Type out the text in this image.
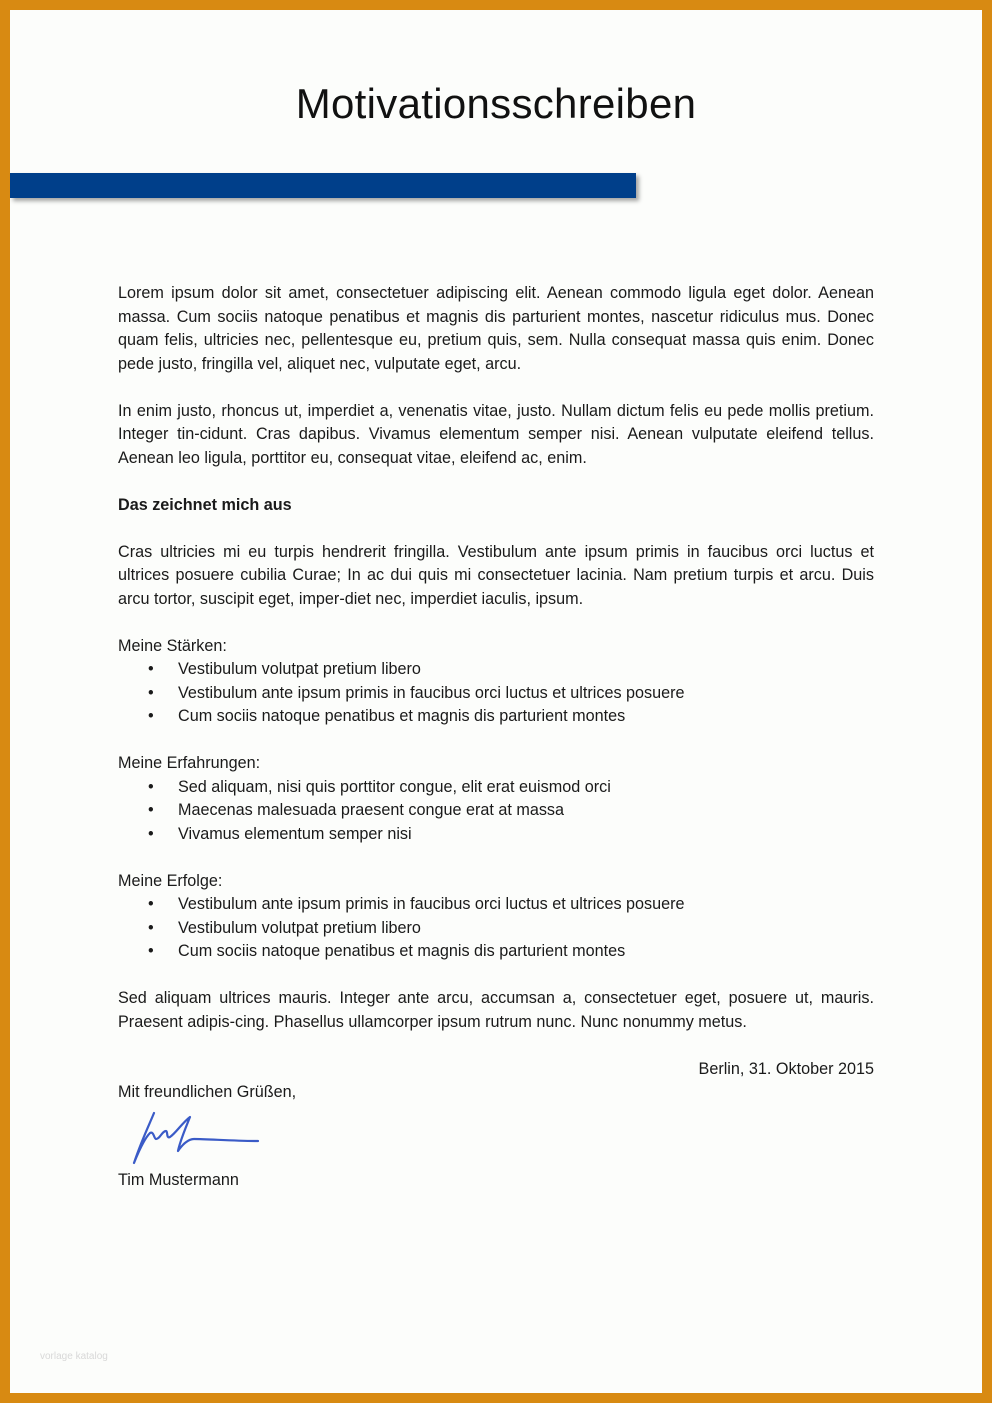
Motivationsschreiben

Lorem ipsum dolor sit amet, consectetuer adipiscing elit. Aenean commodo ligula eget dolor. Aenean massa. Cum sociis natoque penatibus et magnis dis parturient montes, nascetur ridiculus mus. Donec quam felis, ultricies nec, pellentesque eu, pretium quis, sem. Nulla consequat massa quis enim. Donec pede justo, fringilla vel, aliquet nec, vulputate eget, arcu.

In enim justo, rhoncus ut, imperdiet a, venenatis vitae, justo. Nullam dictum felis eu pede mollis pretium. Integer tin-cidunt. Cras dapibus. Vivamus elementum semper nisi. Aenean vulputate eleifend tellus. Aenean leo ligula, porttitor eu, consequat vitae, eleifend ac, enim.

Das zeichnet mich aus

Cras ultricies mi eu turpis hendrerit fringilla. Vestibulum ante ipsum primis in faucibus orci luctus et ultrices posuere cubilia Curae; In ac dui quis mi consectetuer lacinia. Nam pretium turpis et arcu. Duis arcu tortor, suscipit eget, imper-diet nec, imperdiet iaculis, ipsum.

Meine Stärken:
• Vestibulum volutpat pretium libero
• Vestibulum ante ipsum primis in faucibus orci luctus et ultrices posuere
• Cum sociis natoque penatibus et magnis dis parturient montes
Meine Erfahrungen:
• Sed aliquam, nisi quis porttitor congue, elit erat euismod orci
• Maecenas malesuada praesent congue erat at massa
• Vivamus elementum semper nisi
Meine Erfolge:
• Vestibulum ante ipsum primis in faucibus orci luctus et ultrices posuere
• Vestibulum volutpat pretium libero
• Cum sociis natoque penatibus et magnis dis parturient montes

Sed aliquam ultrices mauris. Integer ante arcu, accumsan a, consectetuer eget, posuere ut, mauris. Praesent adipis-cing. Phasellus ullamcorper ipsum rutrum nunc. Nunc nonummy metus.

Berlin, 31. Oktober 2015
Mit freundlichen Grüßen,
Tim Mustermann
vorlage katalog
